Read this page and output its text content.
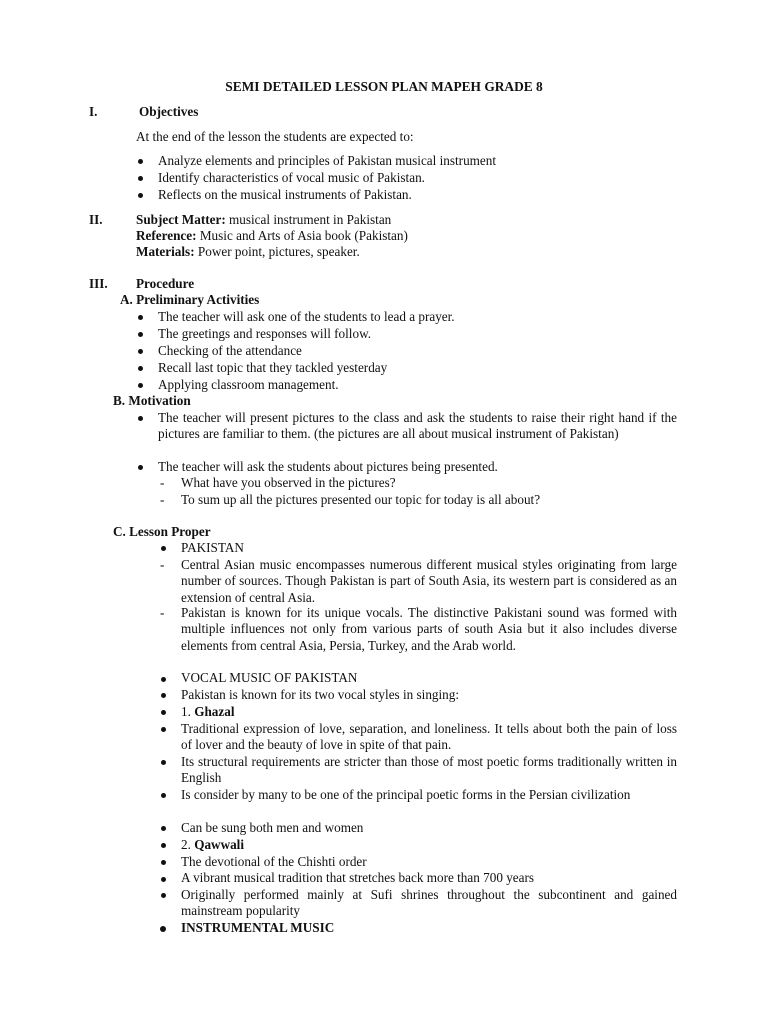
SEMI DETAILED LESSON PLAN MAPEH GRADE 8
I.	Objectives
At the end of the lesson the students are expected to:
Analyze elements and principles of Pakistan musical instrument
Identify characteristics of vocal music of Pakistan.
Reflects on the musical instruments of Pakistan.
II.	Subject Matter: musical instrument in Pakistan
Reference: Music and Arts of Asia book (Pakistan)
Materials: Power point, pictures, speaker.
III. Procedure
A. Preliminary Activities
The teacher will ask one of the students to lead a prayer.
The greetings and responses will follow.
Checking of the attendance
Recall last topic that they tackled yesterday
Applying classroom management.
B. Motivation
The teacher will present pictures to the class and ask the students to raise their right hand if the pictures are familiar to them. (the pictures are all about musical instrument of Pakistan)
The teacher will ask the students about pictures being presented.
- What have you observed in the pictures?
- To sum up all the pictures presented our topic for today is all about?
C. Lesson Proper
PAKISTAN
- Central Asian music encompasses numerous different musical styles originating from large number of sources. Though Pakistan is part of South Asia, its western part is considered as an extension of central Asia.
- Pakistan is known for its unique vocals. The distinctive Pakistani sound was formed with multiple influences not only from various parts of south Asia but it also includes diverse elements from central Asia, Persia, Turkey, and the Arab world.
VOCAL MUSIC OF PAKISTAN
Pakistan is known for its two vocal styles in singing:
1. Ghazal
Traditional expression of love, separation, and loneliness. It tells about both the pain of loss of lover and the beauty of love in spite of that pain.
Its structural requirements are stricter than those of most poetic forms traditionally written in English
Is consider by many to be one of the principal poetic forms in the Persian civilization
Can be sung both men and women
2. Qawwali
The devotional of the Chishti order
A vibrant musical tradition that stretches back more than 700 years
Originally performed mainly at Sufi shrines throughout the subcontinent and gained mainstream popularity
INSTRUMENTAL MUSIC
